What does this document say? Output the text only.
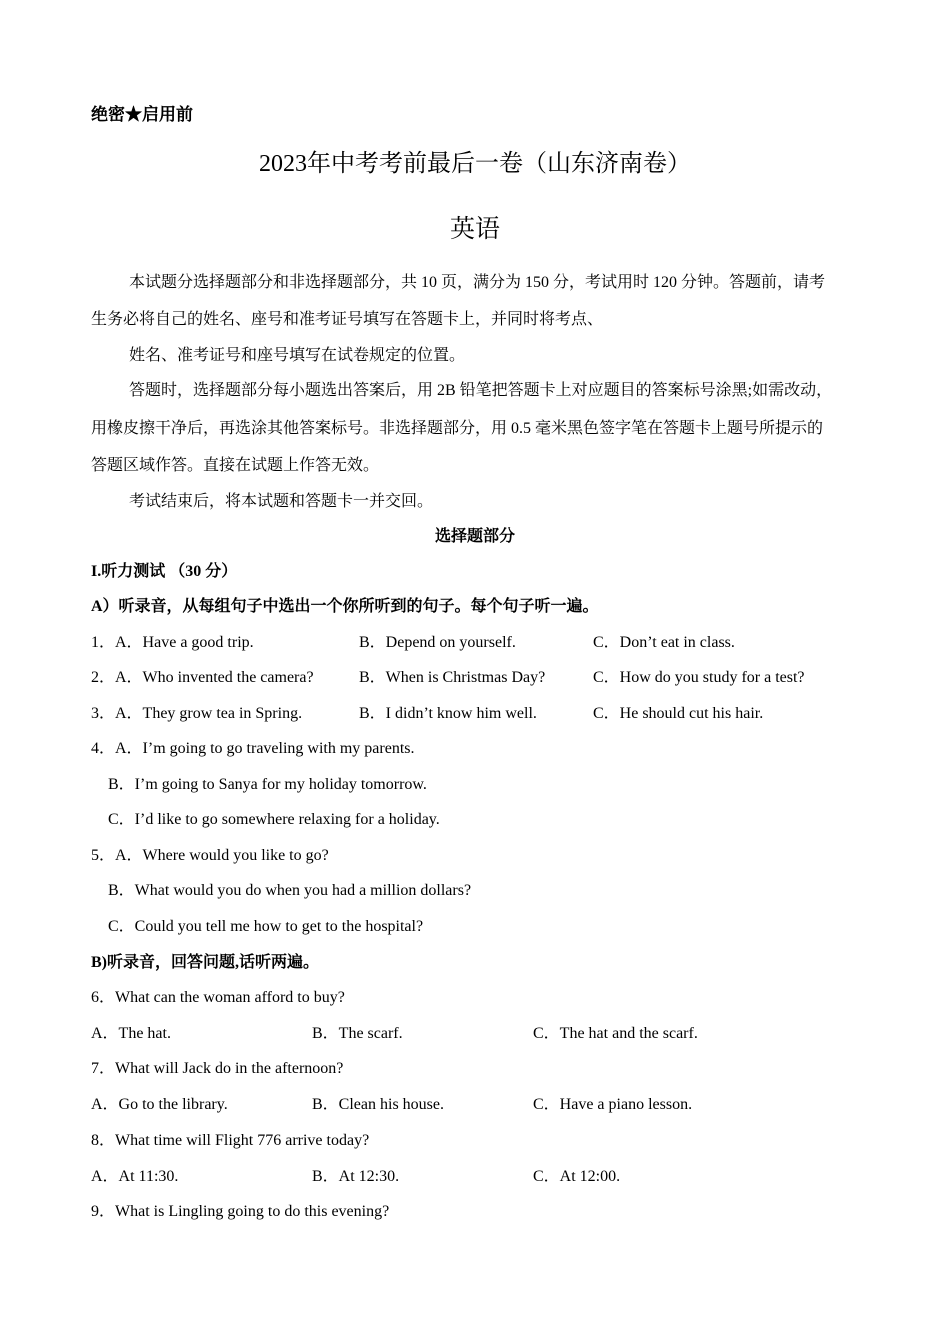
绝密★启用前
2023年中考考前最后一卷（山东济南卷）
英语
本试题分选择题部分和非选择题部分，共 10 页，满分为 150 分，考试用时 120 分钟。答题前，请考
生务必将自己的姓名、座号和准考证号填写在答题卡上，并同时将考点、
姓名、准考证号和座号填写在试卷规定的位置。
答题时，选择题部分每小题选出答案后，用 2B 铅笔把答题卡上对应题目的答案标号涂黑;如需改动，
用橡皮擦干净后，再选涂其他答案标号。非选择题部分，用 0.5 毫米黑色签字笔在答题卡上题号所提示的
答题区域作答。直接在试题上作答无效。
考试结束后，将本试题和答题卡一并交回。
选择题部分
I.听力测试 （30 分）
A）听录音，从每组句子中选出一个你所听到的句子。每个句子听一遍。
1．A．Have a good trip.	B．Depend on yourself.	C．Don’t eat in class.
2．A．Who invented the camera?	B．When is Christmas Day?	C．How do you study for a test?
3．A．They grow tea in Spring.	B．I didn’t know him well.	C．He should cut his hair.
4．A．I’m going to go traveling with my parents.
B．I’m going to Sanya for my holiday tomorrow.
C．I’d like to go somewhere relaxing for a holiday.
5．A．Where would you like to go?
B．What would you do when you had a million dollars?
C．Could you tell me how to get to the hospital?
B)听录音，回答问题,话听两遍。
6．What can the woman afford to buy?
A．The hat.	B．The scarf.	C．The hat and the scarf.
7．What will Jack do in the afternoon?
A．Go to the library.	B．Clean his house.	C．Have a piano lesson.
8．What time will Flight 776 arrive today?
A．At 11:30.	B．At 12:30.	C．At 12:00.
9．What is Lingling going to do this evening?
